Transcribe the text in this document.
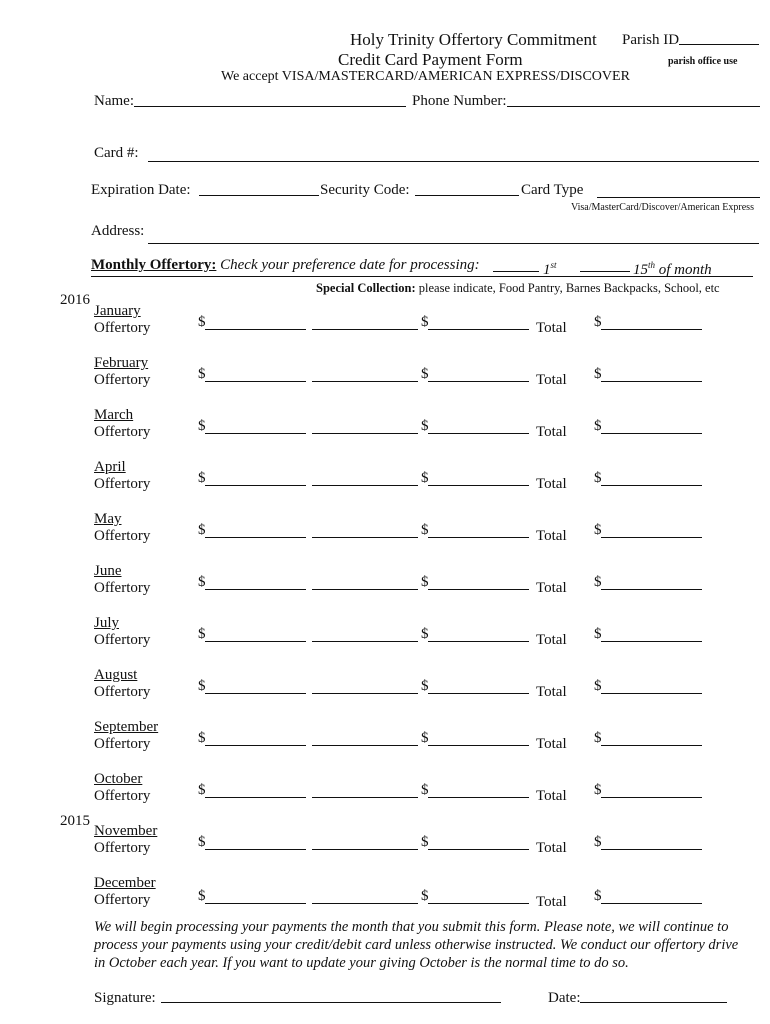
Holy Trinity Offertory Commitment
Credit Card Payment Form
We accept VISA/MASTERCARD/AMERICAN EXPRESS/DISCOVER
Parish ID
parish office use
Name:	Phone Number:
Card #:
Expiration Date:	Security Code:	Card Type
Visa/MasterCard/Discover/American Express
Address:
Monthly Offertory: Check your preference date for processing:	1st	15th of month
Special Collection: please indicate, Food Pantry, Barnes Backpacks, School, etc
2016
2015
January
Offertory	$	$	Total $
February
Offertory	$	$	Total $
March
Offertory	$	$	Total $
April
Offertory	$	$	Total $
May
Offertory	$	$	Total $
June
Offertory	$	$	Total $
July
Offertory	$	$	Total $
August
Offertory	$	$	Total $
September
Offertory	$	$	Total $
October
Offertory	$	$	Total $
November
Offertory	$	$	Total $
December
Offertory	$	$	Total $
We will begin processing your payments the month that you submit this form. Please note, we will continue to process your payments using your credit/debit card unless otherwise instructed. We conduct our offertory drive in October each year. If you want to update your giving October is the normal time to do so.
Signature:	Date:
